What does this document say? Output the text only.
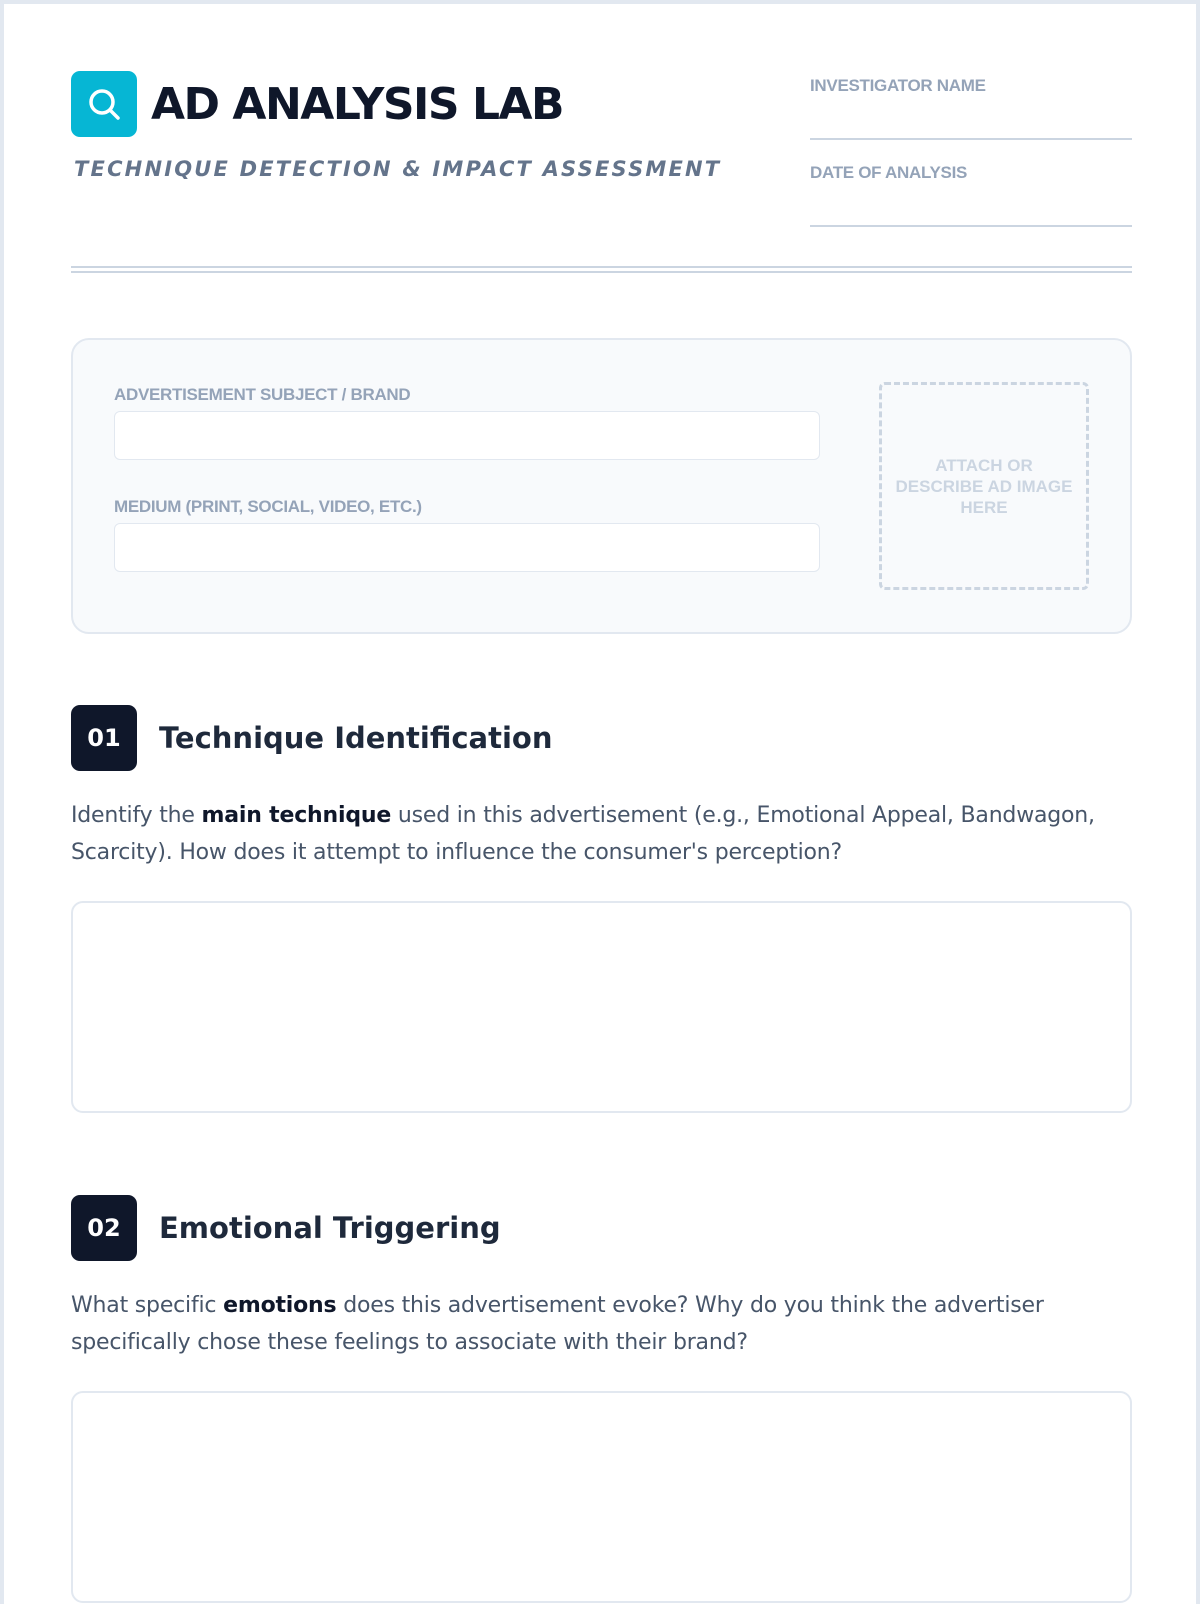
AD ANALYSIS LAB
TECHNIQUE DETECTION & IMPACT ASSESSMENT
INVESTIGATOR NAME
DATE OF ANALYSIS
ADVERTISEMENT SUBJECT / BRAND
MEDIUM (PRINT, SOCIAL, VIDEO, ETC.)
ATTACH OR DESCRIBE AD IMAGE HERE
01	Technique Identification
Identify the main technique used in this advertisement (e.g., Emotional Appeal, Bandwagon, Scarcity). How does it attempt to influence the consumer's perception?
02	Emotional Triggering
What specific emotions does this advertisement evoke? Why do you think the advertiser specifically chose these feelings to associate with their brand?
